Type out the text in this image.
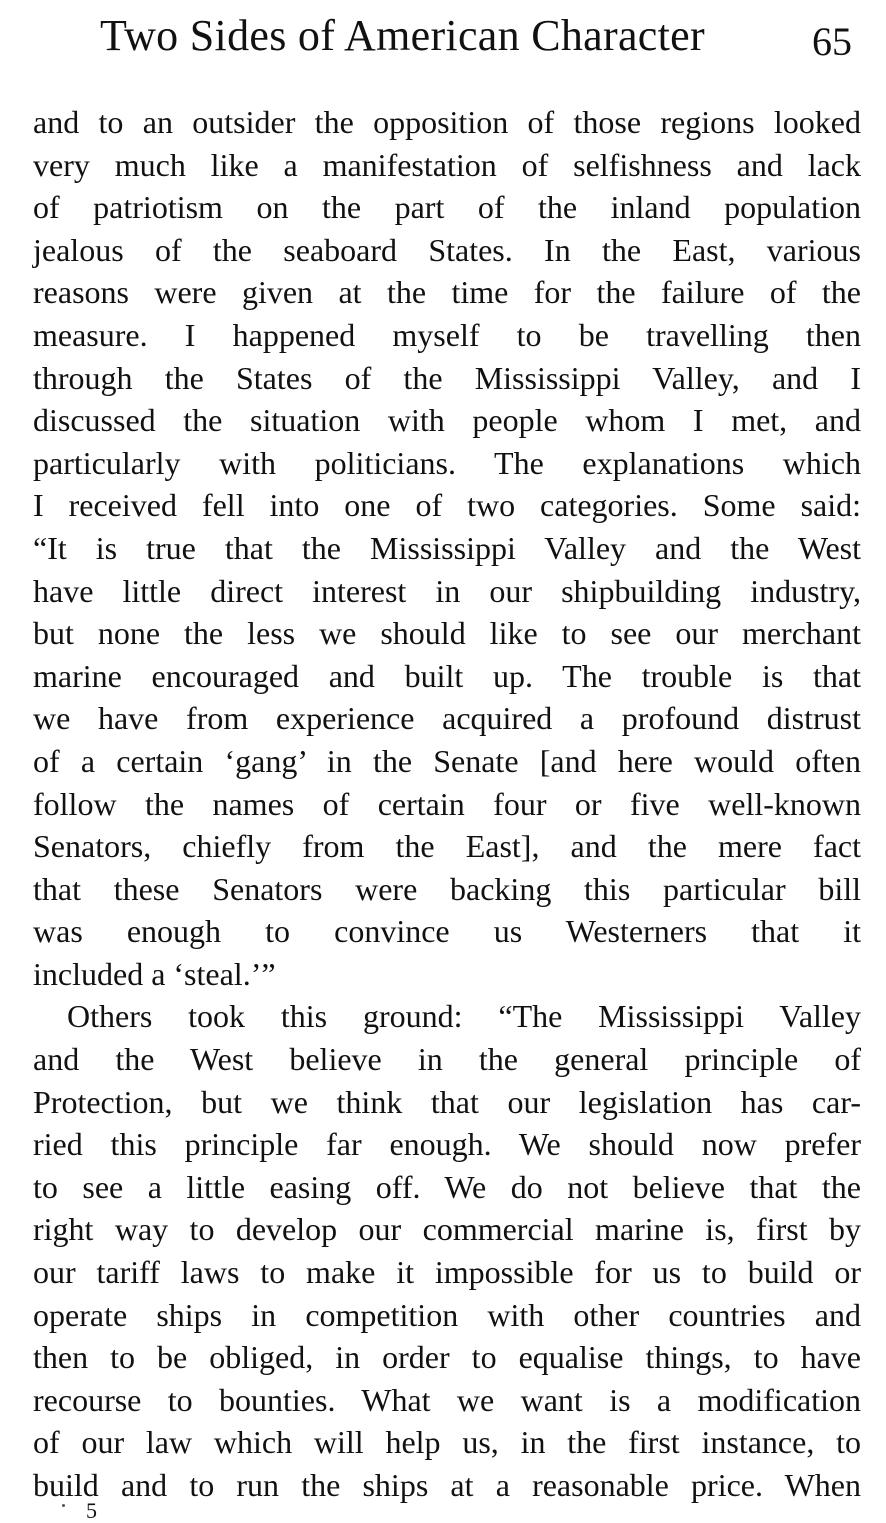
Two Sides of American Character	65
and to an outsider the opposition of those regions looked
very much like a manifestation of selfishness and lack
of patriotism on the part of the inland population
jealous of the seaboard States. In the East, various
reasons were given at the time for the failure of the
measure. I happened myself to be travelling then
through the States of the Mississippi Valley, and I
discussed the situation with people whom I met, and
particularly with politicians. The explanations which
I received fell into one of two categories. Some said:
“It is true that the Mississippi Valley and the West
have little direct interest in our shipbuilding industry,
but none the less we should like to see our merchant
marine encouraged and built up. The trouble is that
we have from experience acquired a profound distrust
of a certain ‘gang’ in the Senate [and here would often
follow the names of certain four or five well-known
Senators, chiefly from the East], and the mere fact
that these Senators were backing this particular bill
was enough to convince us Westerners that it
included a ‘steal.’”
Others took this ground: “The Mississippi Valley
and the West believe in the general principle of
Protection, but we think that our legislation has car-
ried this principle far enough. We should now prefer
to see a little easing off. We do not believe that the
right way to develop our commercial marine is, first by
our tariff laws to make it impossible for us to build or
operate ships in competition with other countries and
then to be obliged, in order to equalise things, to have
recourse to bounties. What we want is a modification
of our law which will help us, in the first instance, to
build and to run the ships at a reasonable price. When
5
